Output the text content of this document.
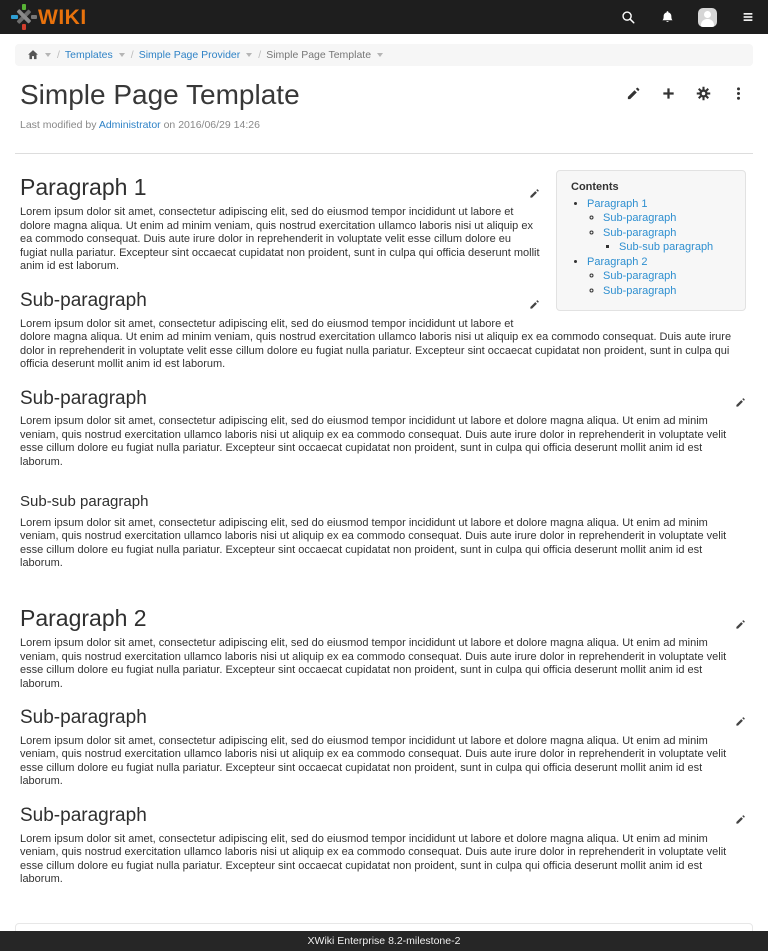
WIKI
/ Templates / Simple Page Provider / Simple Page Template
Simple Page Template
Last modified by Administrator on 2016/06/29 14:26
Contents
• Paragraph 1
◦ Sub-paragraph
◦ Sub-paragraph
▪ Sub-sub paragraph
• Paragraph 2
◦ Sub-paragraph
◦ Sub-paragraph
Paragraph 1

Lorem ipsum dolor sit amet, consectetur adipiscing elit, sed do eiusmod tempor incididunt ut labore et dolore magna aliqua. Ut enim ad minim veniam, quis nostrud exercitation ullamco laboris nisi ut aliquip ex ea commodo consequat. Duis aute irure dolor in reprehenderit in voluptate velit esse cillum dolore eu fugiat nulla pariatur. Excepteur sint occaecat cupidatat non proident, sunt in culpa qui officia deserunt mollit anim id est laborum.

Sub-paragraph

Lorem ipsum dolor sit amet, consectetur adipiscing elit, sed do eiusmod tempor incididunt ut labore et dolore magna aliqua. Ut enim ad minim veniam, quis nostrud exercitation ullamco laboris nisi ut aliquip ex ea commodo consequat. Duis aute irure dolor in reprehenderit in voluptate velit esse cillum dolore eu fugiat nulla pariatur. Excepteur sint occaecat cupidatat non proident, sunt in culpa qui officia deserunt mollit anim id est laborum.

Sub-paragraph

Lorem ipsum dolor sit amet, consectetur adipiscing elit, sed do eiusmod tempor incididunt ut labore et dolore magna aliqua. Ut enim ad minim veniam, quis nostrud exercitation ullamco laboris nisi ut aliquip ex ea commodo consequat. Duis aute irure dolor in reprehenderit in voluptate velit esse cillum dolore eu fugiat nulla pariatur. Excepteur sint occaecat cupidatat non proident, sunt in culpa qui officia deserunt mollit anim id est laborum.

Sub-sub paragraph

Lorem ipsum dolor sit amet, consectetur adipiscing elit, sed do eiusmod tempor incididunt ut labore et dolore magna aliqua. Ut enim ad minim veniam, quis nostrud exercitation ullamco laboris nisi ut aliquip ex ea commodo consequat. Duis aute irure dolor in reprehenderit in voluptate velit esse cillum dolore eu fugiat nulla pariatur. Excepteur sint occaecat cupidatat non proident, sunt in culpa qui officia deserunt mollit anim id est laborum.

Paragraph 2

Lorem ipsum dolor sit amet, consectetur adipiscing elit, sed do eiusmod tempor incididunt ut labore et dolore magna aliqua. Ut enim ad minim veniam, quis nostrud exercitation ullamco laboris nisi ut aliquip ex ea commodo consequat. Duis aute irure dolor in reprehenderit in voluptate velit esse cillum dolore eu fugiat nulla pariatur. Excepteur sint occaecat cupidatat non proident, sunt in culpa qui officia deserunt mollit anim id est laborum.

Sub-paragraph

Lorem ipsum dolor sit amet, consectetur adipiscing elit, sed do eiusmod tempor incididunt ut labore et dolore magna aliqua. Ut enim ad minim veniam, quis nostrud exercitation ullamco laboris nisi ut aliquip ex ea commodo consequat. Duis aute irure dolor in reprehenderit in voluptate velit esse cillum dolore eu fugiat nulla pariatur. Excepteur sint occaecat cupidatat non proident, sunt in culpa qui officia deserunt mollit anim id est laborum.

Sub-paragraph

Lorem ipsum dolor sit amet, consectetur adipiscing elit, sed do eiusmod tempor incididunt ut labore et dolore magna aliqua. Ut enim ad minim veniam, quis nostrud exercitation ullamco laboris nisi ut aliquip ex ea commodo consequat. Duis aute irure dolor in reprehenderit in voluptate velit esse cillum dolore eu fugiat nulla pariatur. Excepteur sint occaecat cupidatat non proident, sunt in culpa qui officia deserunt mollit anim id est laborum.

XWiki Enterprise 8.2-milestone-2
